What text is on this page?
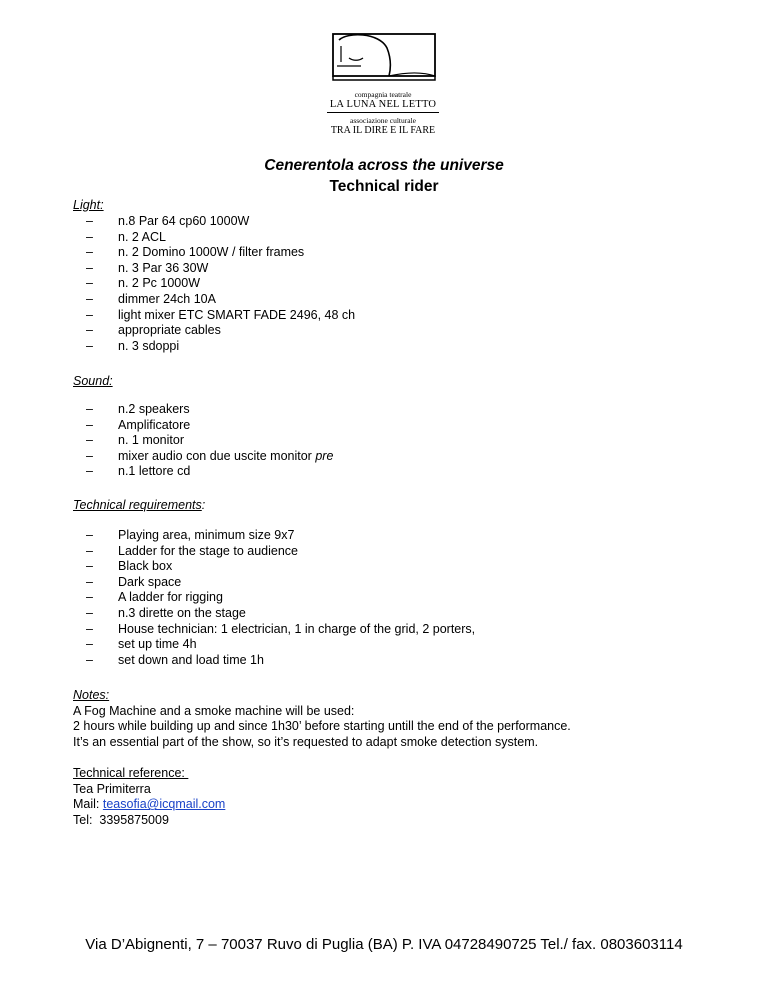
compagnia teatrale
LA LUNA NEL LETTO
associazione culturale
TRA IL DIRE E IL FARE
Cenerentola across the universe
Technical rider
Light:
– n.8 Par 64 cp60 1000W
– n. 2 ACL
– n. 2 Domino 1000W / filter frames
– n. 3 Par 36 30W
– n. 2 Pc 1000W
– dimmer 24ch 10A
– light mixer ETC SMART FADE 2496, 48 ch
– appropriate cables
– n. 3 sdoppi
Sound:
– n.2 speakers
– Amplificatore
– n. 1 monitor
– mixer audio con due uscite monitor pre
– n.1 lettore cd
Technical requirements:
– Playing area, minimum size 9x7
– Ladder for the stage to audience
– Black box
– Dark space
– A ladder for rigging
– n.3 dirette on the stage
– House technician: 1 electrician, 1 in charge of the grid, 2 porters,
– set up time 4h
– set down and load time 1h
Notes:
A Fog Machine and a smoke machine will be used:
2 hours while building up and since 1h30’ before starting untill the end of the performance.
It’s an essential part of the show, so it’s requested to adapt smoke detection system.
Technical reference:
Tea Primiterra
Mail: teasofia@icqmail.com
Tel:  3395875009
Via D’Abignenti, 7 – 70037 Ruvo di Puglia (BA) P. IVA 04728490725 Tel./ fax. 0803603114
